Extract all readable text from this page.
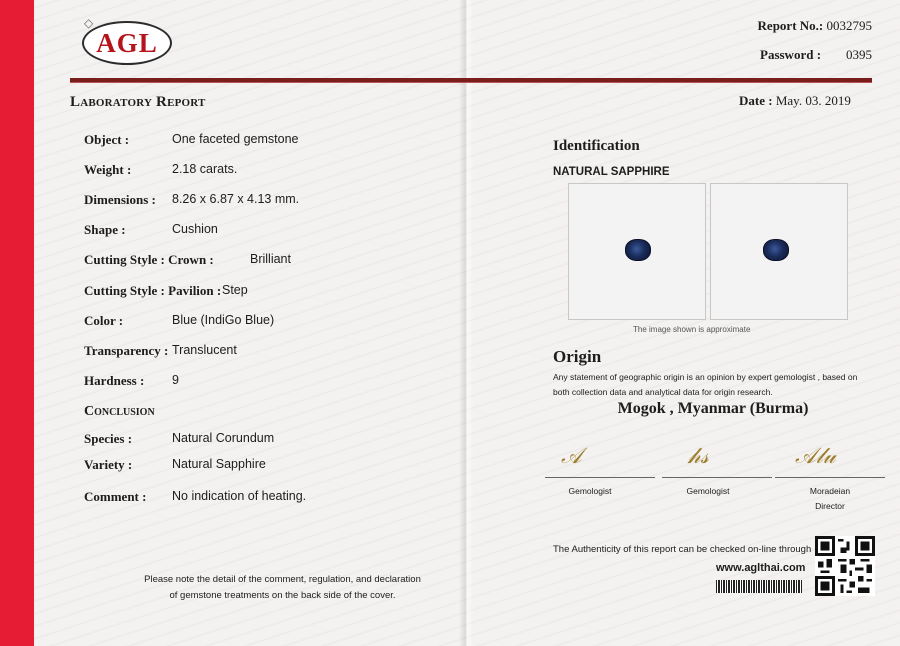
◇
AGL
Report No.: 0032795
Password :	0395
Laboratory Report	Date : May. 03. 2019
Object :	One faceted gemstone
Weight :	2.18 carats.
Dimensions : 8.26 x 6.87 x 4.13 mm.
Shape :	Cushion
Cutting Style : Crown :	Brilliant
Cutting Style : Pavilion : Step
Color :	Blue (IndiGo Blue)
Transparency : Translucent
Hardness : 9
Conclusion
Species :	Natural Corundum
Variety :	Natural Sapphire
Comment : No indication of heating.
Please note the detail of the comment, regulation, and declaration
of gemstone treatments on the back side of the cover.
Identification
NATURAL SAPPHIRE
The image shown is approximate
Origin
Any statement of geographic origin is an opinion by expert gemologist , based on
both collection data and analytical data for origin research.
Mogok , Myanmar (Burma)
𝒜	𝒽𝓈	𝒜𝓁𝓊
Gemologist	Gemologist	Moradeian
Director
The Authenticity of this report can be checked on-line through
www.aglthai.com
